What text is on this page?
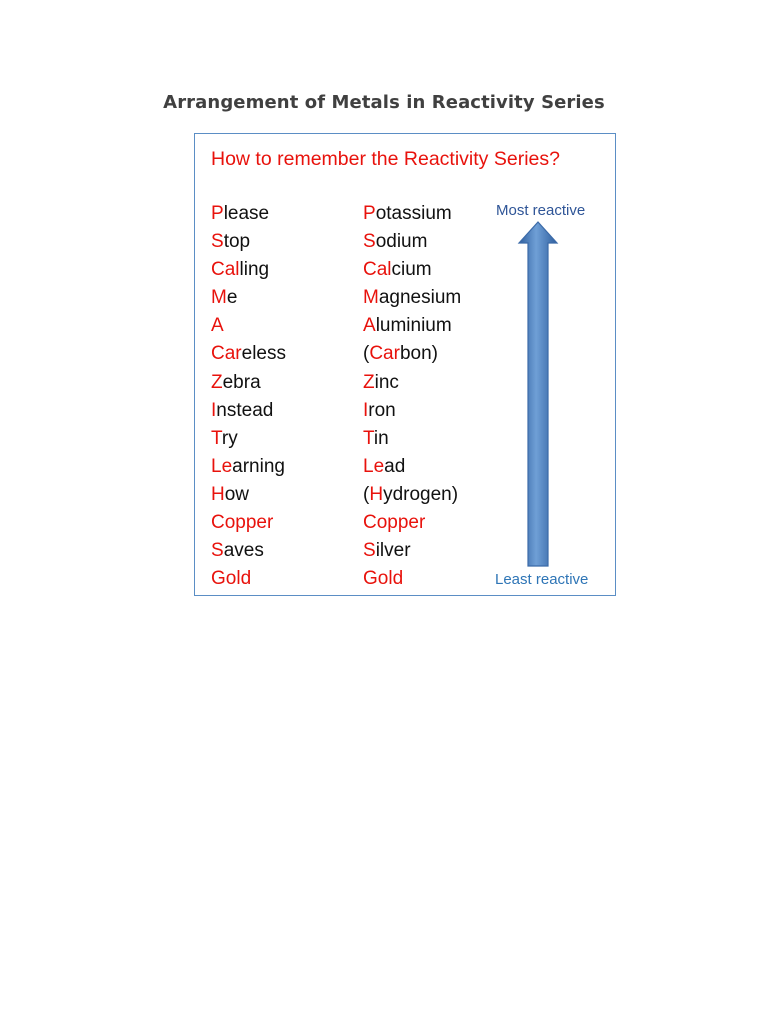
Arrangement of Metals in Reactivity Series
How to remember the Reactivity Series?
Please
Stop
Calling
Me
A
Careless
Zebra
Instead
Try
Learning
How
Copper
Saves
Gold
Potassium
Sodium
Calcium
Magnesium
Aluminium
(Carbon)
Zinc
Iron
Tin
Lead
(Hydrogen)
Copper
Silver
Gold
Most reactive
Least reactive
